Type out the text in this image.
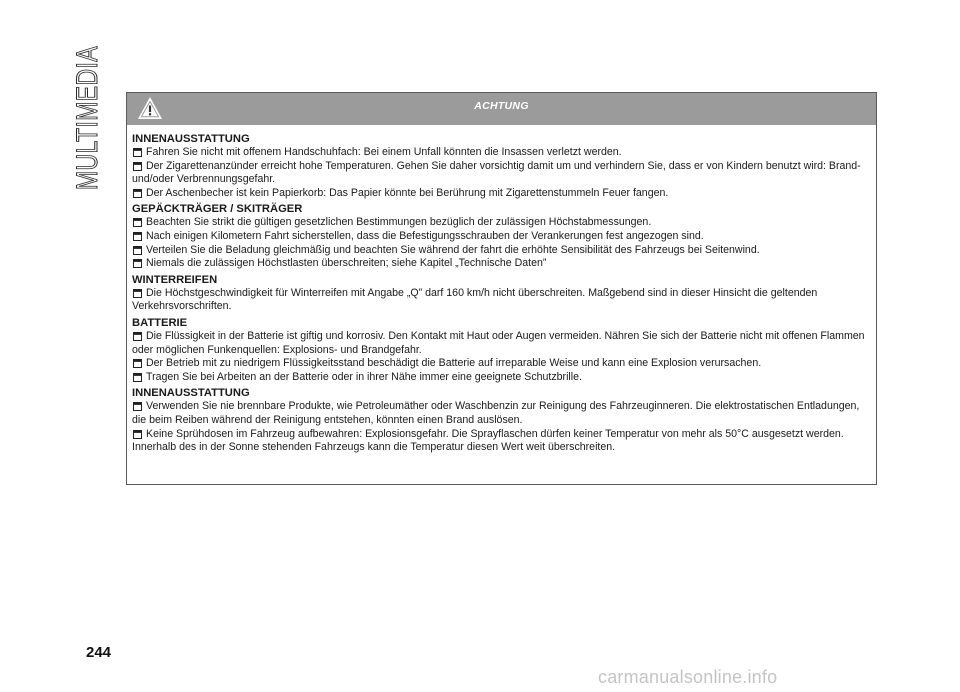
MULTIMEDIA	ACHTUNG
INNENAUSSTATTUNG
Fahren Sie nicht mit offenem Handschuhfach: Bei einem Unfall könnten die Insassen verletzt werden.
Der Zigarettenanzünder erreicht hohe Temperaturen. Gehen Sie daher vorsichtig damit um und verhindern Sie, dass er von Kindern benutzt wird: Brand- und/oder Verbrennungsgefahr.
Der Aschenbecher ist kein Papierkorb: Das Papier könnte bei Berührung mit Zigarettenstummeln Feuer fangen.
GEPÄCKTRÄGER / SKITRÄGER
Beachten Sie strikt die gültigen gesetzlichen Bestimmungen bezüglich der zulässigen Höchstabmessungen.
Nach einigen Kilometern Fahrt sicherstellen, dass die Befestigungsschrauben der Verankerungen fest angezogen sind.
Verteilen Sie die Beladung gleichmäßig und beachten Sie während der fahrt die erhöhte Sensibilität des Fahrzeugs bei Seitenwind.
Niemals die zulässigen Höchstlasten überschreiten; siehe Kapitel „Technische Daten”
WINTERREIFEN
Die Höchstgeschwindigkeit für Winterreifen mit Angabe „Q” darf 160 km/h nicht überschreiten. Maßgebend sind in dieser Hinsicht die geltenden Verkehrsvorschriften.
BATTERIE
Die Flüssigkeit in der Batterie ist giftig und korrosiv. Den Kontakt mit Haut oder Augen vermeiden. Nähren Sie sich der Batterie nicht mit offenen Flammen oder möglichen Funkenquellen: Explosions- und Brandgefahr.
Der Betrieb mit zu niedrigem Flüssigkeitsstand beschädigt die Batterie auf irreparable Weise und kann eine Explosion verursachen.
Tragen Sie bei Arbeiten an der Batterie oder in ihrer Nähe immer eine geeignete Schutzbrille.
INNENAUSSTATTUNG
Verwenden Sie nie brennbare Produkte, wie Petroleumäther oder Waschbenzin zur Reinigung des Fahrzeuginneren. Die elektrostatischen Entladungen, die beim Reiben während der Reinigung entstehen, könnten einen Brand auslösen.
Keine Sprühdosen im Fahrzeug aufbewahren: Explosionsgefahr. Die Sprayflaschen dürfen keiner Temperatur von mehr als 50°C ausgesetzt werden. Innerhalb des in der Sonne stehenden Fahrzeugs kann die Temperatur diesen Wert weit überschreiten.
244
carmanualsonline.info
